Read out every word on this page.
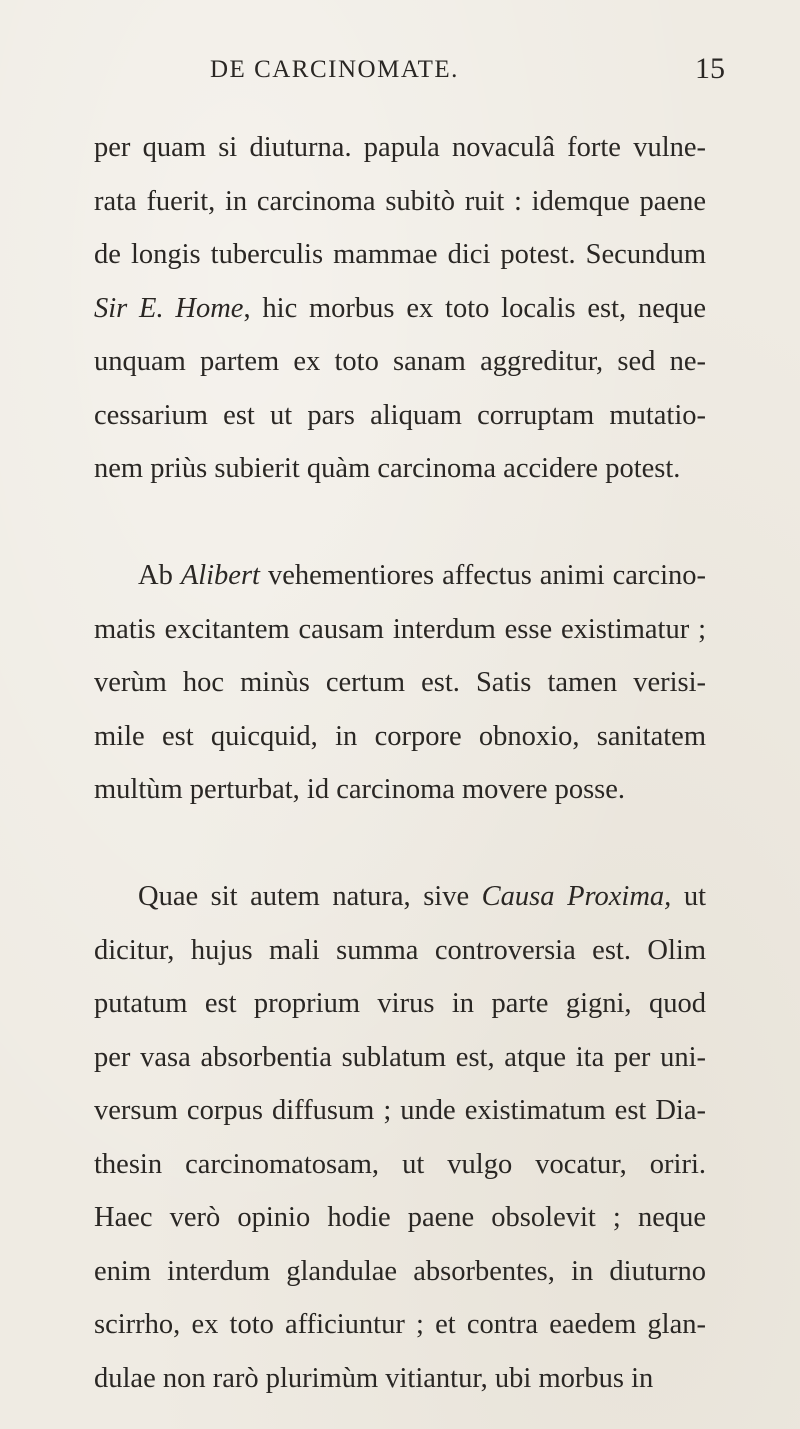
DE CARCINOMATE.	15
per quam si diuturna. papula novaculâ forte vulne-
rata fuerit, in carcinoma subitò ruit : idemque paene
de longis tuberculis mammae dici potest. Secundum
Sir E. Home, hic morbus ex toto localis est, neque
unquam partem ex toto sanam aggreditur, sed ne-
cessarium est ut pars aliquam corruptam mutatio-
nem priùs subierit quàm carcinoma accidere potest.
Ab Alibert vehementiores affectus animi carcino-
matis excitantem causam interdum esse existimatur ;
verùm hoc minùs certum est. Satis tamen verisi-
mile est quicquid, in corpore obnoxio, sanitatem
multùm perturbat, id carcinoma movere posse.
Quae sit autem natura, sive Causa Proxima, ut
dicitur, hujus mali summa controversia est. Olim
putatum est proprium virus in parte gigni, quod
per vasa absorbentia sublatum est, atque ita per uni-
versum corpus diffusum ; unde existimatum est Dia-
thesin carcinomatosam, ut vulgo vocatur, oriri.
Haec verò opinio hodie paene obsolevit ; neque
enim interdum glandulae absorbentes, in diuturno
scirrho, ex toto afficiuntur ; et contra eaedem glan-
dulae non rarò plurimùm vitiantur, ubi morbus in
